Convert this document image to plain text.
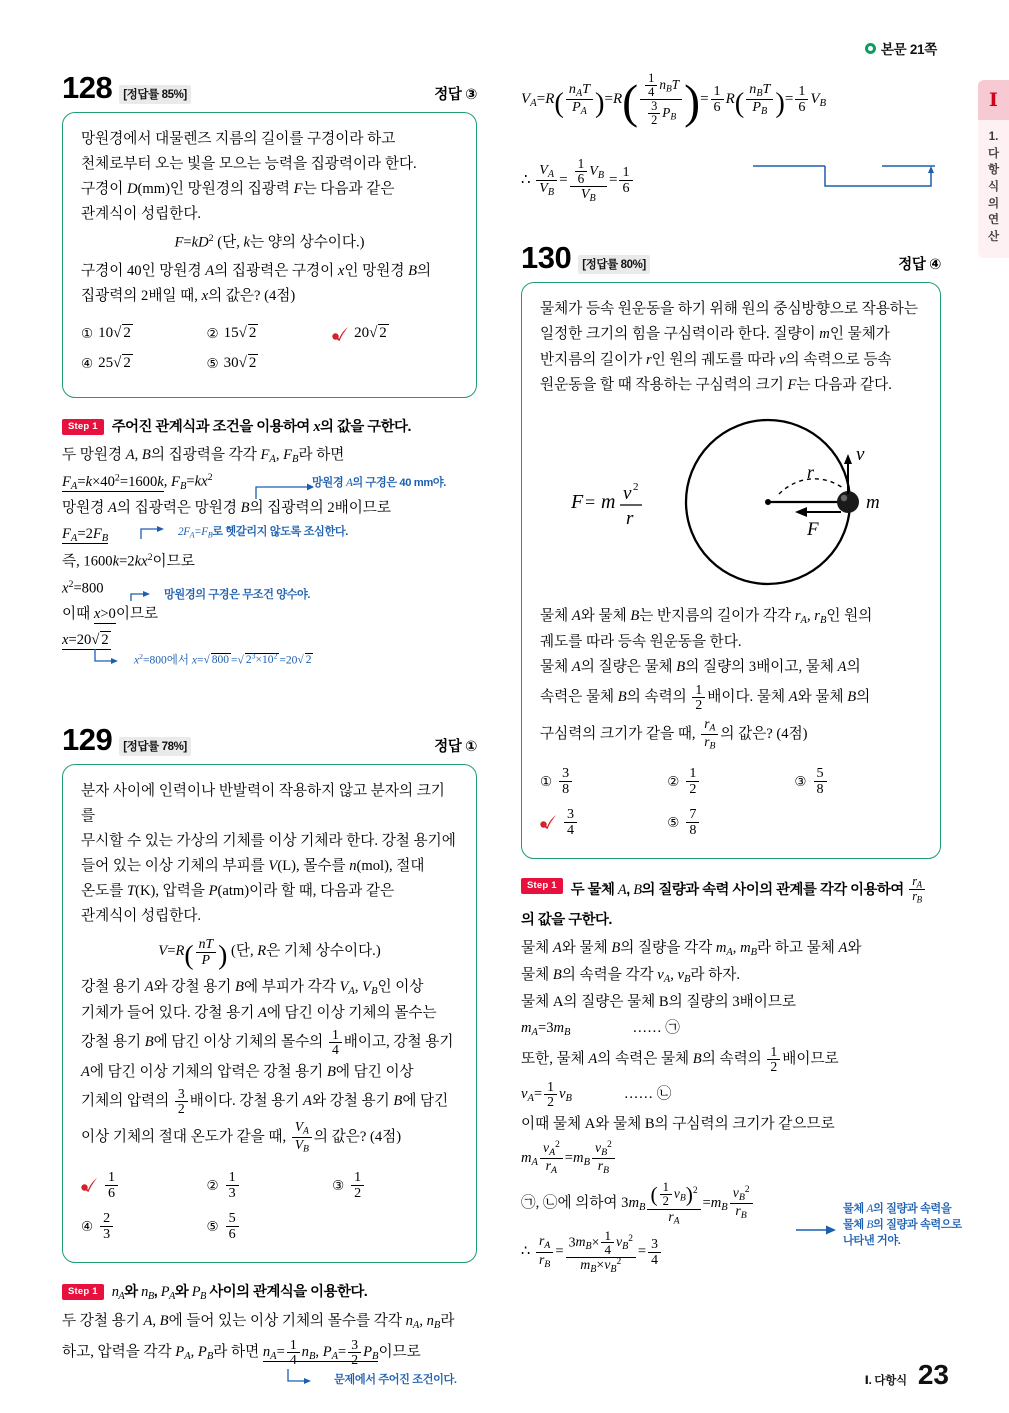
본문 21쪽
Ⅰ
1.
다
항
식
의
연
산
128 [정답률 85%]	정답 ③

망원경에서 대물렌즈 지름의 길이를 구경이라 하고

천체로부터 오는 빛을 모으는 능력을 집광력이라 한다.

구경이 D(mm)인 망원경의 집광력 F는 다음과 같은

관계식이 성립한다.

$F=kD^2$ (단, k는 양의 상수이다.)

구경이 40인 망원경 A의 집광력은 구경이 x인 망원경 B의

집광력의 2배일 때, x의 값은? (4점)

① 10√ 2	② 15√ 2	20√ 2
④ 25√ 2	⑤ 30√ 2
Step 1 주어진 관계식과 조건을 이용하여 x의 값을 구한다.

두 망원경 A, B의 집광력을 각각 $F_A$, $F_B$라 하면

$F_A=k\times 40^2=1600k$, $F_B=kx^2$	망원경 A의 구경은 40 mm야.

망원경 A의 집광력은 망원경 B의 집광력의 2배이므로

$F_A=2F_B$
$2F_A=F_B$로 헷갈리지 않도록 조심한다.

즉, $1600k=2kx^2$이므로

$x^2=800$	망원경의 구경은 무조건 양수야.

이때 x>0이므로

x=20√ 2
$x^2=800$에서 x=√ 800 =√ $2^3\times 10^2 =20√$ 2

129 [정답률 78%]	정답 ①

분자 사이에 인력이나 반발력이 작용하지 않고 분자의 크기를

무시할 수 있는 가상의 기체를 이상 기체라 한다. 강철 용기에

들어 있는 이상 기체의 부피를 V(L), 몰수를 n(mol), 절대

온도를 T(K), 압력을 P(atm)이라 할 때, 다음과 같은

관계식이 성립한다.

$V=R( \frac{nT}{P}$ ) (단, R은 기체 상수이다.)

강철 용기 A와 강철 용기 B에 부피가 각각 $V_A$, $V_B$인 이상

기체가 들어 있다. 강철 용기 A에 담긴 이상 기체의 몰수는

강철 용기 B에 담긴 이상 기체의 몰수의 $\frac{1}{4}$ 배이고, 강철 용기

A에 담긴 이상 기체의 압력은 강철 용기 B에 담긴 이상

기체의 압력의 $\frac{3}{2}$ 배이다. 강철 용기 A와 강철 용기 B에 담긴

이상 기체의 절대 온도가 같을 때, $\frac{V_A}{V_B}$ 의 값은? (4점)

$\frac{1}{6}$	② $\frac{1}{3}$	③ $\frac{1}{2}$
④ $\frac{2}{3}$	⑤ $\frac{5}{6}$
Step 1 $n_A$와 $n_B$, $P_A$와 $P_B$ 사이의 관계식을 이용한다.

두 강철 용기 A, B에 들어 있는 이상 기체의 몰수를 각각 $n_A$, $n_B$라

하고, 압력을 각각 $P_A$, $P_B$라 하면 $n_A= \frac{1}{4} n_B$, $P_A= \frac{3}{2} P_B$이므로
문제에서 주어진 조건이다.

$V_A=R( \frac{n_AT}{P_A} )=R( \frac{\frac{1}{4} n_BT}{\frac{3}{2} P_B}$ )= $\frac{1}{6} R( \frac{n_BT}{P_B}$ )= $\frac{1}{6} V_B$

∴ $\frac{V_A}{V_B} = \frac{\frac{1}{6} V_B}{V_B} = \frac{1}{6}$

130 [정답률 80%]	정답 ④

물체가 등속 원운동을 하기 위해 원의 중심방향으로 작용하는

일정한 크기의 힘을 구심력이라 한다. 질량이 m인 물체가

반지름의 길이가 r인 원의 궤도를 따라 v의 속력으로 등속

원운동을 할 때 작용하는 구심력의 크기 F는 다음과 같다.

F = m v 2
r
m
v
r
F

물체 A와 물체 B는 반지름의 길이가 각각 $r_A$, $r_B$인 원의

궤도를 따라 등속 원운동을 한다.

물체 A의 질량은 물체 B의 질량의 3배이고, 물체 A의

속력은 물체 B의 속력의 $\frac{1}{2}$ 배이다. 물체 A와 물체 B의

구심력의 크기가 같을 때, $\frac{r_A}{r_B}$ 의 값은? (4점)

① $\frac{3}{8}$	② $\frac{1}{2}$	③ $\frac{5}{8}$
$\frac{3}{4}$	⑤ $\frac{7}{8}$
Step 1 두 물체 A, B의 질량과 속력 사이의 관계를 각각 이용하여 $\frac{r_A}{r_B}$
의 값을 구한다.

물체 A와 물체 B의 질량을 각각 $m_A$, $m_B$라 하고 물체 A와

물체 B의 속력을 각각 $v_A$, $v_B$라 하자.

물체 A의 질량은 물체 B의 질량의 3배이므로

$m_A=3m_B$	…… ㉠

또한, 물체 A의 속력은 물체 B의 속력의 $\frac{1}{2}$ 배이므로

$v_A= \frac{1}{2} v_B$	…… ㉡

이때 물체 A와 물체 B의 구심력의 크기가 같으므로

$m_A \frac{v_A^2}{r_A} =m_B \frac{v_B^2}{r_B}$

㉠, ㉡에 의하여 $3m_B \frac{( \frac{1}{2} v_B)^2}{r_A} =m_B \frac{v_B^2}{r_B}$	물체 A의 질량과 속력을
물체 B의 질량과 속력으로
나타낸 거야.

∴ $\frac{r_A}{r_B} = \frac{3m_B\times \frac{1}{4} v_B^2}{m_B\times v_B^2} = \frac{3}{4}$

Ⅰ. 다항식 23
